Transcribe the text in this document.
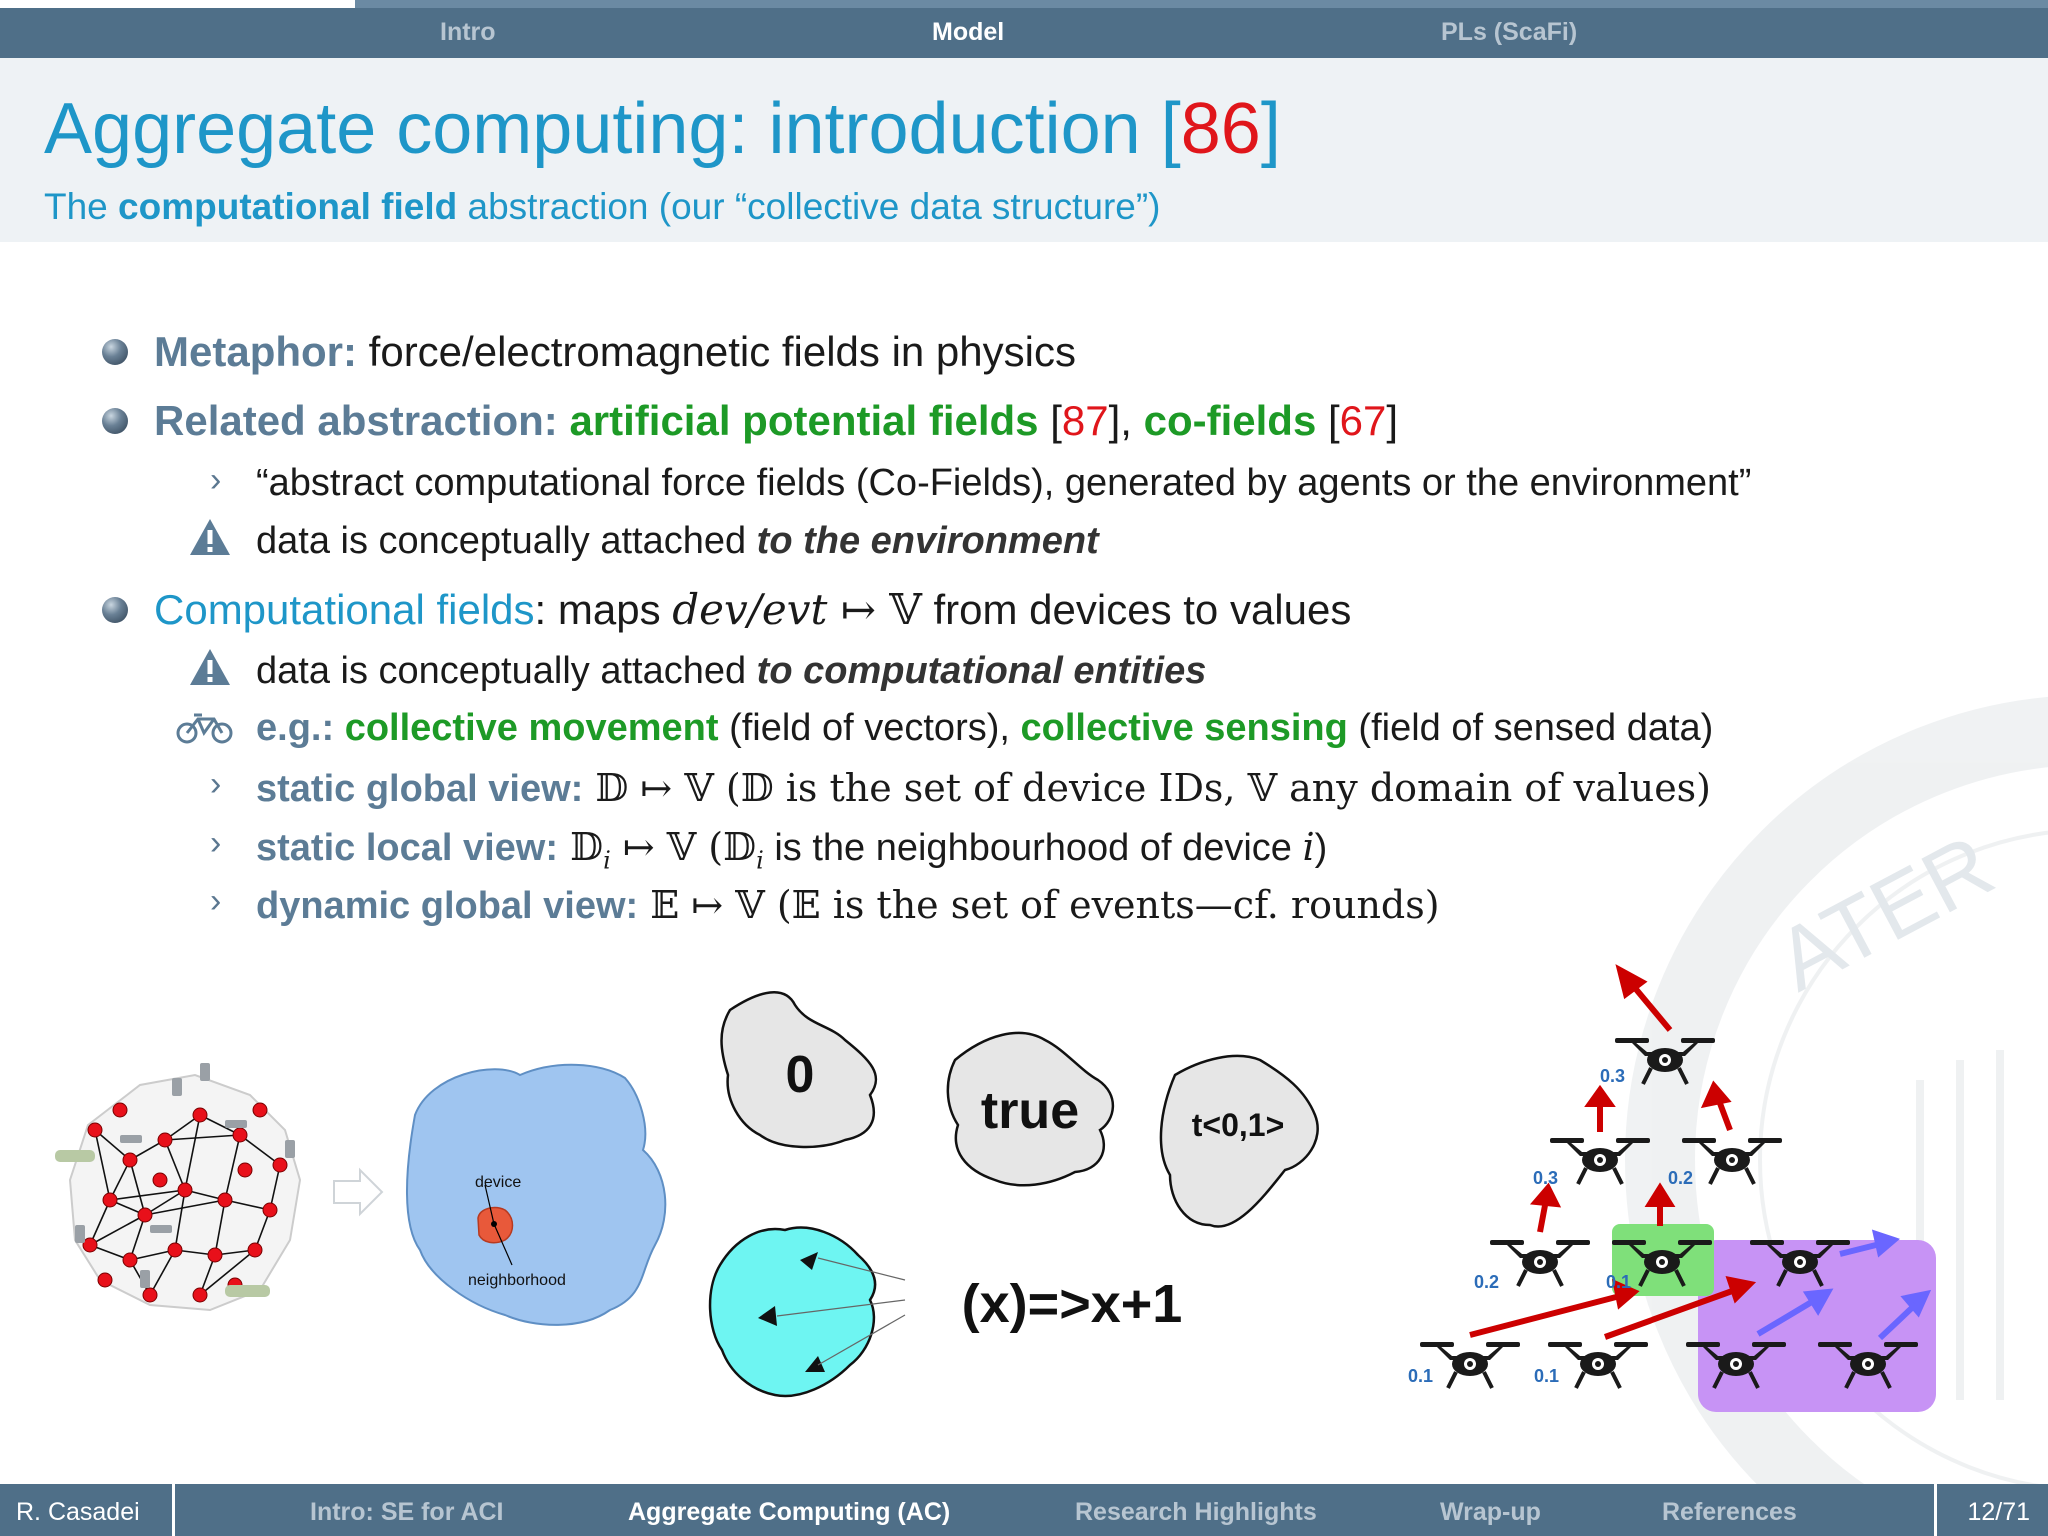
Intro	Model	PLs (ScaFi)
Aggregate computing: introduction [86]
The computational field abstraction (our “collective data structure”)
Metaphor: force/electromagnetic fields in physics
Related abstraction: artificial potential fields [87], co-fields [67]
› “abstract computational force fields (Co-Fields), generated by agents or the environment”
data is conceptually attached to the environment
Computational fields: maps dev/evt ↦ 𝕍 from devices to values
data is conceptually attached to computational entities
e.g.: collective movement (field of vectors), collective sensing (field of sensed data)
› static global view: 𝔻 ↦ 𝕍 (𝔻 is the set of device IDs, 𝕍 any domain of values)
› static local view: 𝔻$_i$ ↦ 𝕍 (𝔻$_i$ is the neighbourhood of device i)
› dynamic global view: 𝔼 ↦ 𝕍 (𝔼 is the set of events—cf. rounds)	ATER
device
neighborhood
0
true	t<0,1>
(x)=>x+1
0.3
0.3	0.2
0.2	0.1
0.1	0.1
R. Casadei	Intro: SE for ACI	Aggregate Computing (AC)	Research Highlights	Wrap-up	References	12/71
